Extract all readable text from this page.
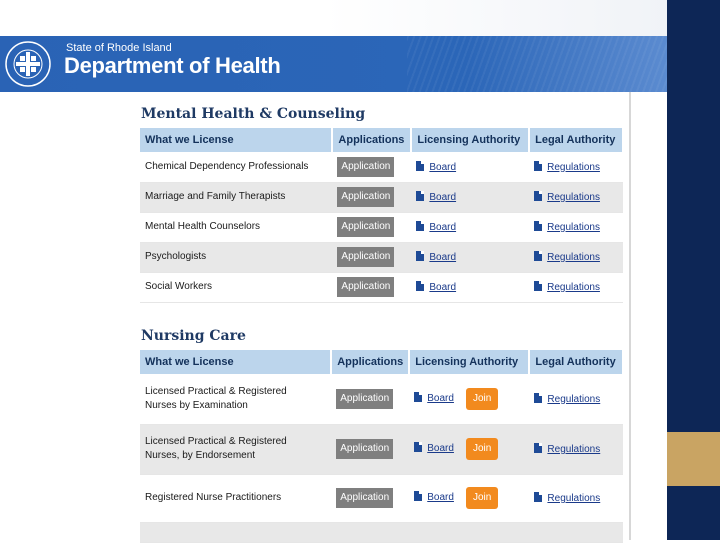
State of Rhode Island
Department of Health
Mental Health & Counseling
What we License	Applications	Licensing Authority	Legal Authority
Chemical Dependency Professionals	Application	Board	Regulations
Marriage and Family Therapists	Application	Board	Regulations
Mental Health Counselors	Application	Board	Regulations
Psychologists	Application	Board	Regulations
Social Workers	Application	Board	Regulations
Nursing Care
What we License	Applications	Licensing Authority	Legal Authority

Licensed Practical & Registered
Nurses by Examination	Application	Board Join	Regulations

Licensed Practical & Registered
Nurses, by Endorsement	Application	Board Join	Regulations

Registered Nurse Practitioners	Application	Board Join	Regulations
